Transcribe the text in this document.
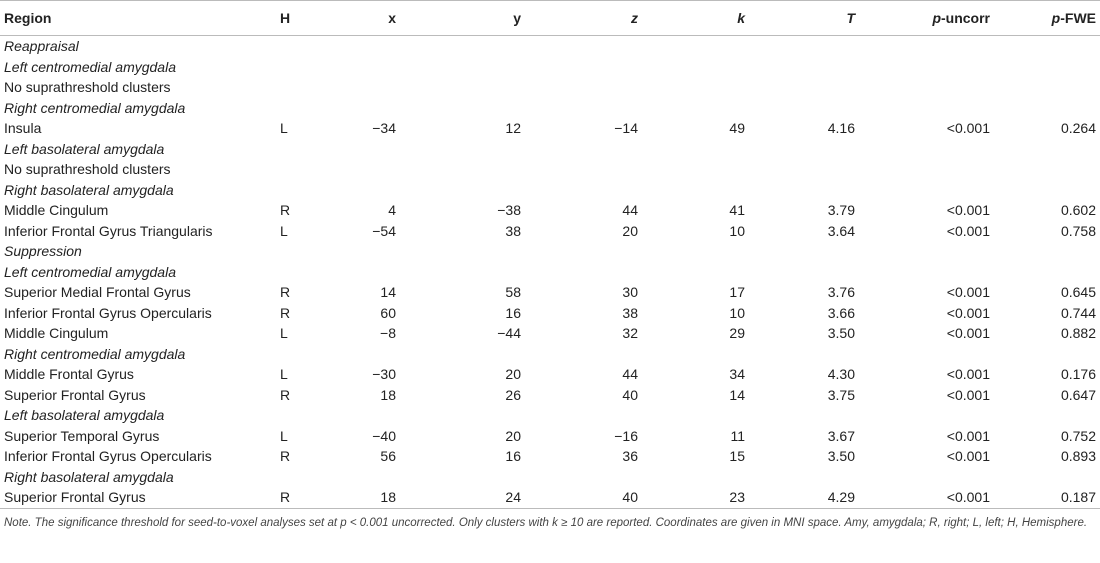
Region	H	x	y	z	k	T	p-uncorr	p-FWE
Reappraisal								
Left centromedial amygdala								
No suprathreshold clusters								
Right centromedial amygdala								
Insula	L	−34	12	−14	49	4.16	<0.001	0.264
Left basolateral amygdala								
No suprathreshold clusters								
Right basolateral amygdala								
Middle Cingulum	R	4	−38	44	41	3.79	<0.001	0.602
Inferior Frontal Gyrus Triangularis	L	−54	38	20	10	3.64	<0.001	0.758
Suppression								
Left centromedial amygdala								
Superior Medial Frontal Gyrus	R	14	58	30	17	3.76	<0.001	0.645
Inferior Frontal Gyrus Opercularis	R	60	16	38	10	3.66	<0.001	0.744
Middle Cingulum	L	−8	−44	32	29	3.50	<0.001	0.882
Right centromedial amygdala								
Middle Frontal Gyrus	L	−30	20	44	34	4.30	<0.001	0.176
Superior Frontal Gyrus	R	18	26	40	14	3.75	<0.001	0.647
Left basolateral amygdala								
Superior Temporal Gyrus	L	−40	20	−16	11	3.67	<0.001	0.752
Inferior Frontal Gyrus Opercularis	R	56	16	36	15	3.50	<0.001	0.893
Right basolateral amygdala								
Superior Frontal Gyrus	R	18	24	40	23	4.29	<0.001	0.187
Note. The significance threshold for seed-to-voxel analyses set at p < 0.001 uncorrected. Only clusters with k ≥ 10 are reported. Coordinates are given in MNI space. Amy, amygdala; R, right; L, left; H, Hemisphere.
